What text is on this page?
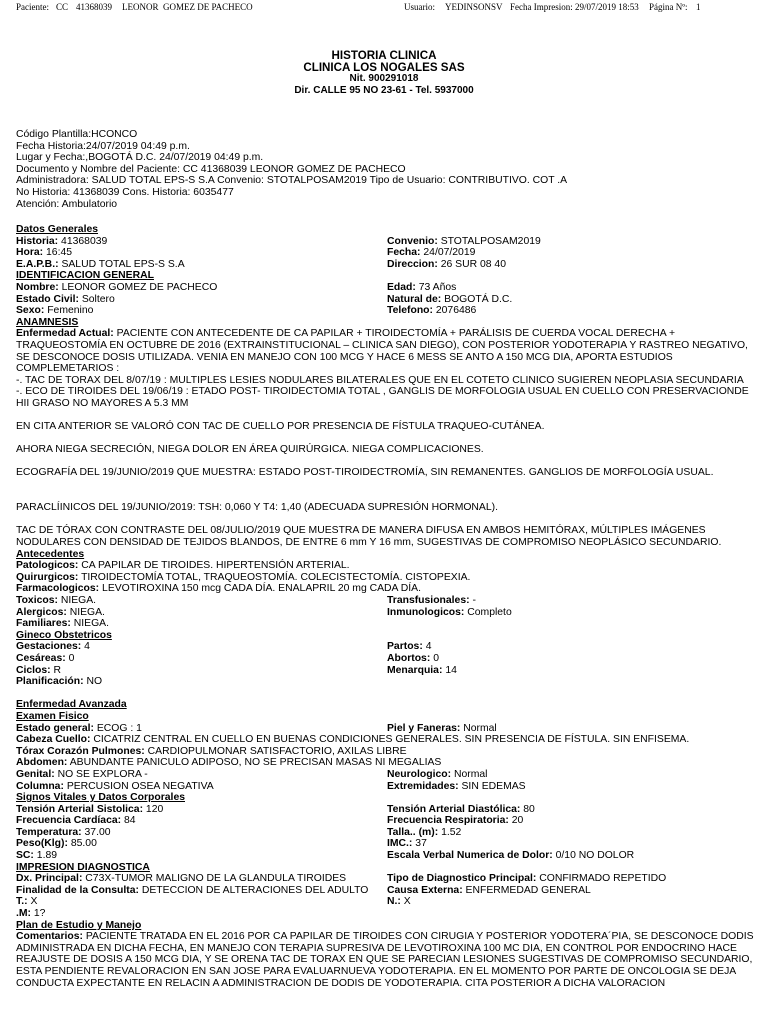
Paciente: CC 41368039 LEONOR  GOMEZ DE PACHECO	Usuario: YEDINSONSV Fecha Impresion: 29/07/2019 18:53 Página Nº: 1
HISTORIA CLINICA
CLINICA LOS NOGALES SAS
Nit. 900291018
Dir. CALLE 95 NO 23-61 - Tel. 5937000
Código Plantilla:HCONCO
Fecha Historia:24/07/2019 04:49 p.m.
Lugar y Fecha:,BOGOTÁ D.C. 24/07/2019 04:49 p.m.
Documento y Nombre del Paciente: CC 41368039 LEONOR GOMEZ DE PACHECO
Administradora: SALUD TOTAL EPS-S S.A Convenio: STOTALPOSAM2019 Tipo de Usuario: CONTRIBUTIVO. COT .A
No Historia: 41368039 Cons. Historia: 6035477
Atención: Ambulatorio
Datos Generales
Historia: 41368039	Convenio: STOTALPOSAM2019
Hora: 16:45	Fecha: 24/07/2019
E.A.P.B.: SALUD TOTAL EPS-S S.A	Direccion: 26 SUR 08 40
IDENTIFICACION GENERAL
Nombre: LEONOR GOMEZ DE PACHECO	Edad: 73 Años
Estado Civil: Soltero	Natural de: BOGOTÁ D.C.
Sexo: Femenino	Telefono: 2076486
ANAMNESIS
Enfermedad Actual: PACIENTE CON ANTECEDENTE DE CA PAPILAR + TIROIDECTOMÍA + PARÁLISIS DE CUERDA VOCAL DERECHA + TRAQUEOSTOMÍA EN OCTUBRE DE 2016 (EXTRAINSTITUCIONAL – CLINICA SAN DIEGO), CON POSTERIOR YODOTERAPIA Y RASTREO NEGATIVO, SE DESCONOCE DOSIS UTILIZADA. VENIA EN MANEJO CON 100 MCG Y HACE 6 MESS SE ANTO A 150 MCG DIA, APORTA ESTUDIOS COMPLEMETARIOS :
-. TAC DE TORAX DEL 8/07/19 : MULTIPLES LESIES NODULARES BILATERALES QUE EN EL COTETO CLINICO SUGIEREN NEOPLASIA SECUNDARIA
-. ECO DE TIROIDES DEL 19/06/19 : ETADO POST- TIROIDECTOMIA TOTAL , GANGLIS DE MORFOLOGIA USUAL EN CUELLO CON PRESERVACIONDE HII GRASO NO MAYORES A 5.3 MM
EN CITA ANTERIOR SE VALORÓ CON TAC DE CUELLO POR PRESENCIA DE FÍSTULA TRAQUEO-CUTÁNEA.
AHORA NIEGA SECRECIÓN, NIEGA DOLOR EN ÁREA QUIRÚRGICA. NIEGA COMPLICACIONES.
ECOGRAFÍA DEL 19/JUNIO/2019 QUE MUESTRA: ESTADO POST-TIROIDECTROMÍA, SIN REMANENTES. GANGLIOS DE MORFOLOGÍA USUAL.
PARACLÍINICOS DEL 19/JUNIO/2019: TSH: 0,060 Y T4: 1,40 (ADECUADA SUPRESIÓN HORMONAL).
TAC DE TÓRAX CON CONTRASTE DEL 08/JULIO/2019 QUE MUESTRA DE MANERA DIFUSA EN AMBOS HEMITÓRAX, MÚLTIPLES IMÁGENES NODULARES CON DENSIDAD DE TEJIDOS BLANDOS, DE ENTRE 6 mm Y 16 mm, SUGESTIVAS DE COMPROMISO NEOPLÁSICO SECUNDARIO.
Antecedentes
Patologicos: CA PAPILAR DE TIROIDES. HIPERTENSIÓN ARTERIAL.
Quirurgicos: TIROIDECTOMÍA TOTAL, TRAQUEOSTOMÍA. COLECISTECTOMÍA. CISTOPEXIA.
Farmacologicos: LEVOTIROXINA 150 mcg CADA DÍA. ENALAPRIL 20 mg CADA DÍA.
Toxicos: NIEGA.	Transfusionales: -
Alergicos: NIEGA.	Inmunologicos: Completo
Familiares: NIEGA.
Gineco Obstetricos
Gestaciones: 4	Partos: 4
Cesáreas: 0	Abortos: 0
Ciclos: R	Menarquia: 14
Planificación: NO
Enfermedad Avanzada
Examen Fisico
Estado general: ECOG : 1	Piel y Faneras: Normal
Cabeza Cuello: CICATRIZ CENTRAL EN CUELLO EN BUENAS CONDICIONES GENERALES. SIN PRESENCIA DE FÍSTULA. SIN ENFISEMA.
Tórax Corazón Pulmones: CARDIOPULMONAR SATISFACTORIO, AXILAS LIBRE
Abdomen: ABUNDANTE PANICULO ADIPOSO, NO SE PRECISAN MASAS NI MEGALIAS
Genital: NO SE EXPLORA -	Neurologico: Normal
Columna: PERCUSION OSEA NEGATIVA	Extremidades: SIN EDEMAS
Signos Vitales y Datos Corporales
Tensión Arterial Sistolica: 120	Tensión Arterial Diastólica: 80
Frecuencia Cardíaca: 84	Frecuencia Respiratoria: 20
Temperatura: 37.00	Talla.. (m): 1.52
Peso(Klg): 85.00	IMC.: 37
SC: 1.89	Escala Verbal Numerica de Dolor: 0/10 NO DOLOR
IMPRESION DIAGNOSTICA
Dx. Principal: C73X-TUMOR MALIGNO DE LA GLANDULA TIROIDES	Tipo de Diagnostico Principal: CONFIRMADO REPETIDO
Finalidad de la Consulta: DETECCION DE ALTERACIONES DEL ADULTO	Causa Externa: ENFERMEDAD GENERAL
T.: X	N.: X
.M: 1?
Plan de Estudio y Manejo
Comentarios: PACIENTE TRATADA EN EL 2016 POR CA PAPILAR DE TIROIDES CON CIRUGIA Y POSTERIOR YODOTERA´PIA, SE DESCONOCE DODIS ADMINISTRADA EN DICHA FECHA, EN MANEJO CON TERAPIA SUPRESIVA DE LEVOTIROXINA 100 MC DIA, EN CONTROL POR ENDOCRINO HACE REAJUSTE DE DOSIS A 150 MCG DIA, Y SE ORENA TAC DE TORAX EN QUE SE PARECIAN LESIONES SUGESTIVAS DE COMPROMISO SECUNDARIO, ESTA PENDIENTE REVALORACION EN SAN JOSE PARA EVALUARNUEVA YODOTERAPIA. EN EL MOMENTO POR PARTE DE ONCOLOGIA SE DEJA CONDUCTA EXPECTANTE EN RELACIN A ADMINISTRACION DE DODIS DE YODOTERAPIA. CITA POSTERIOR A DICHA VALORACION
